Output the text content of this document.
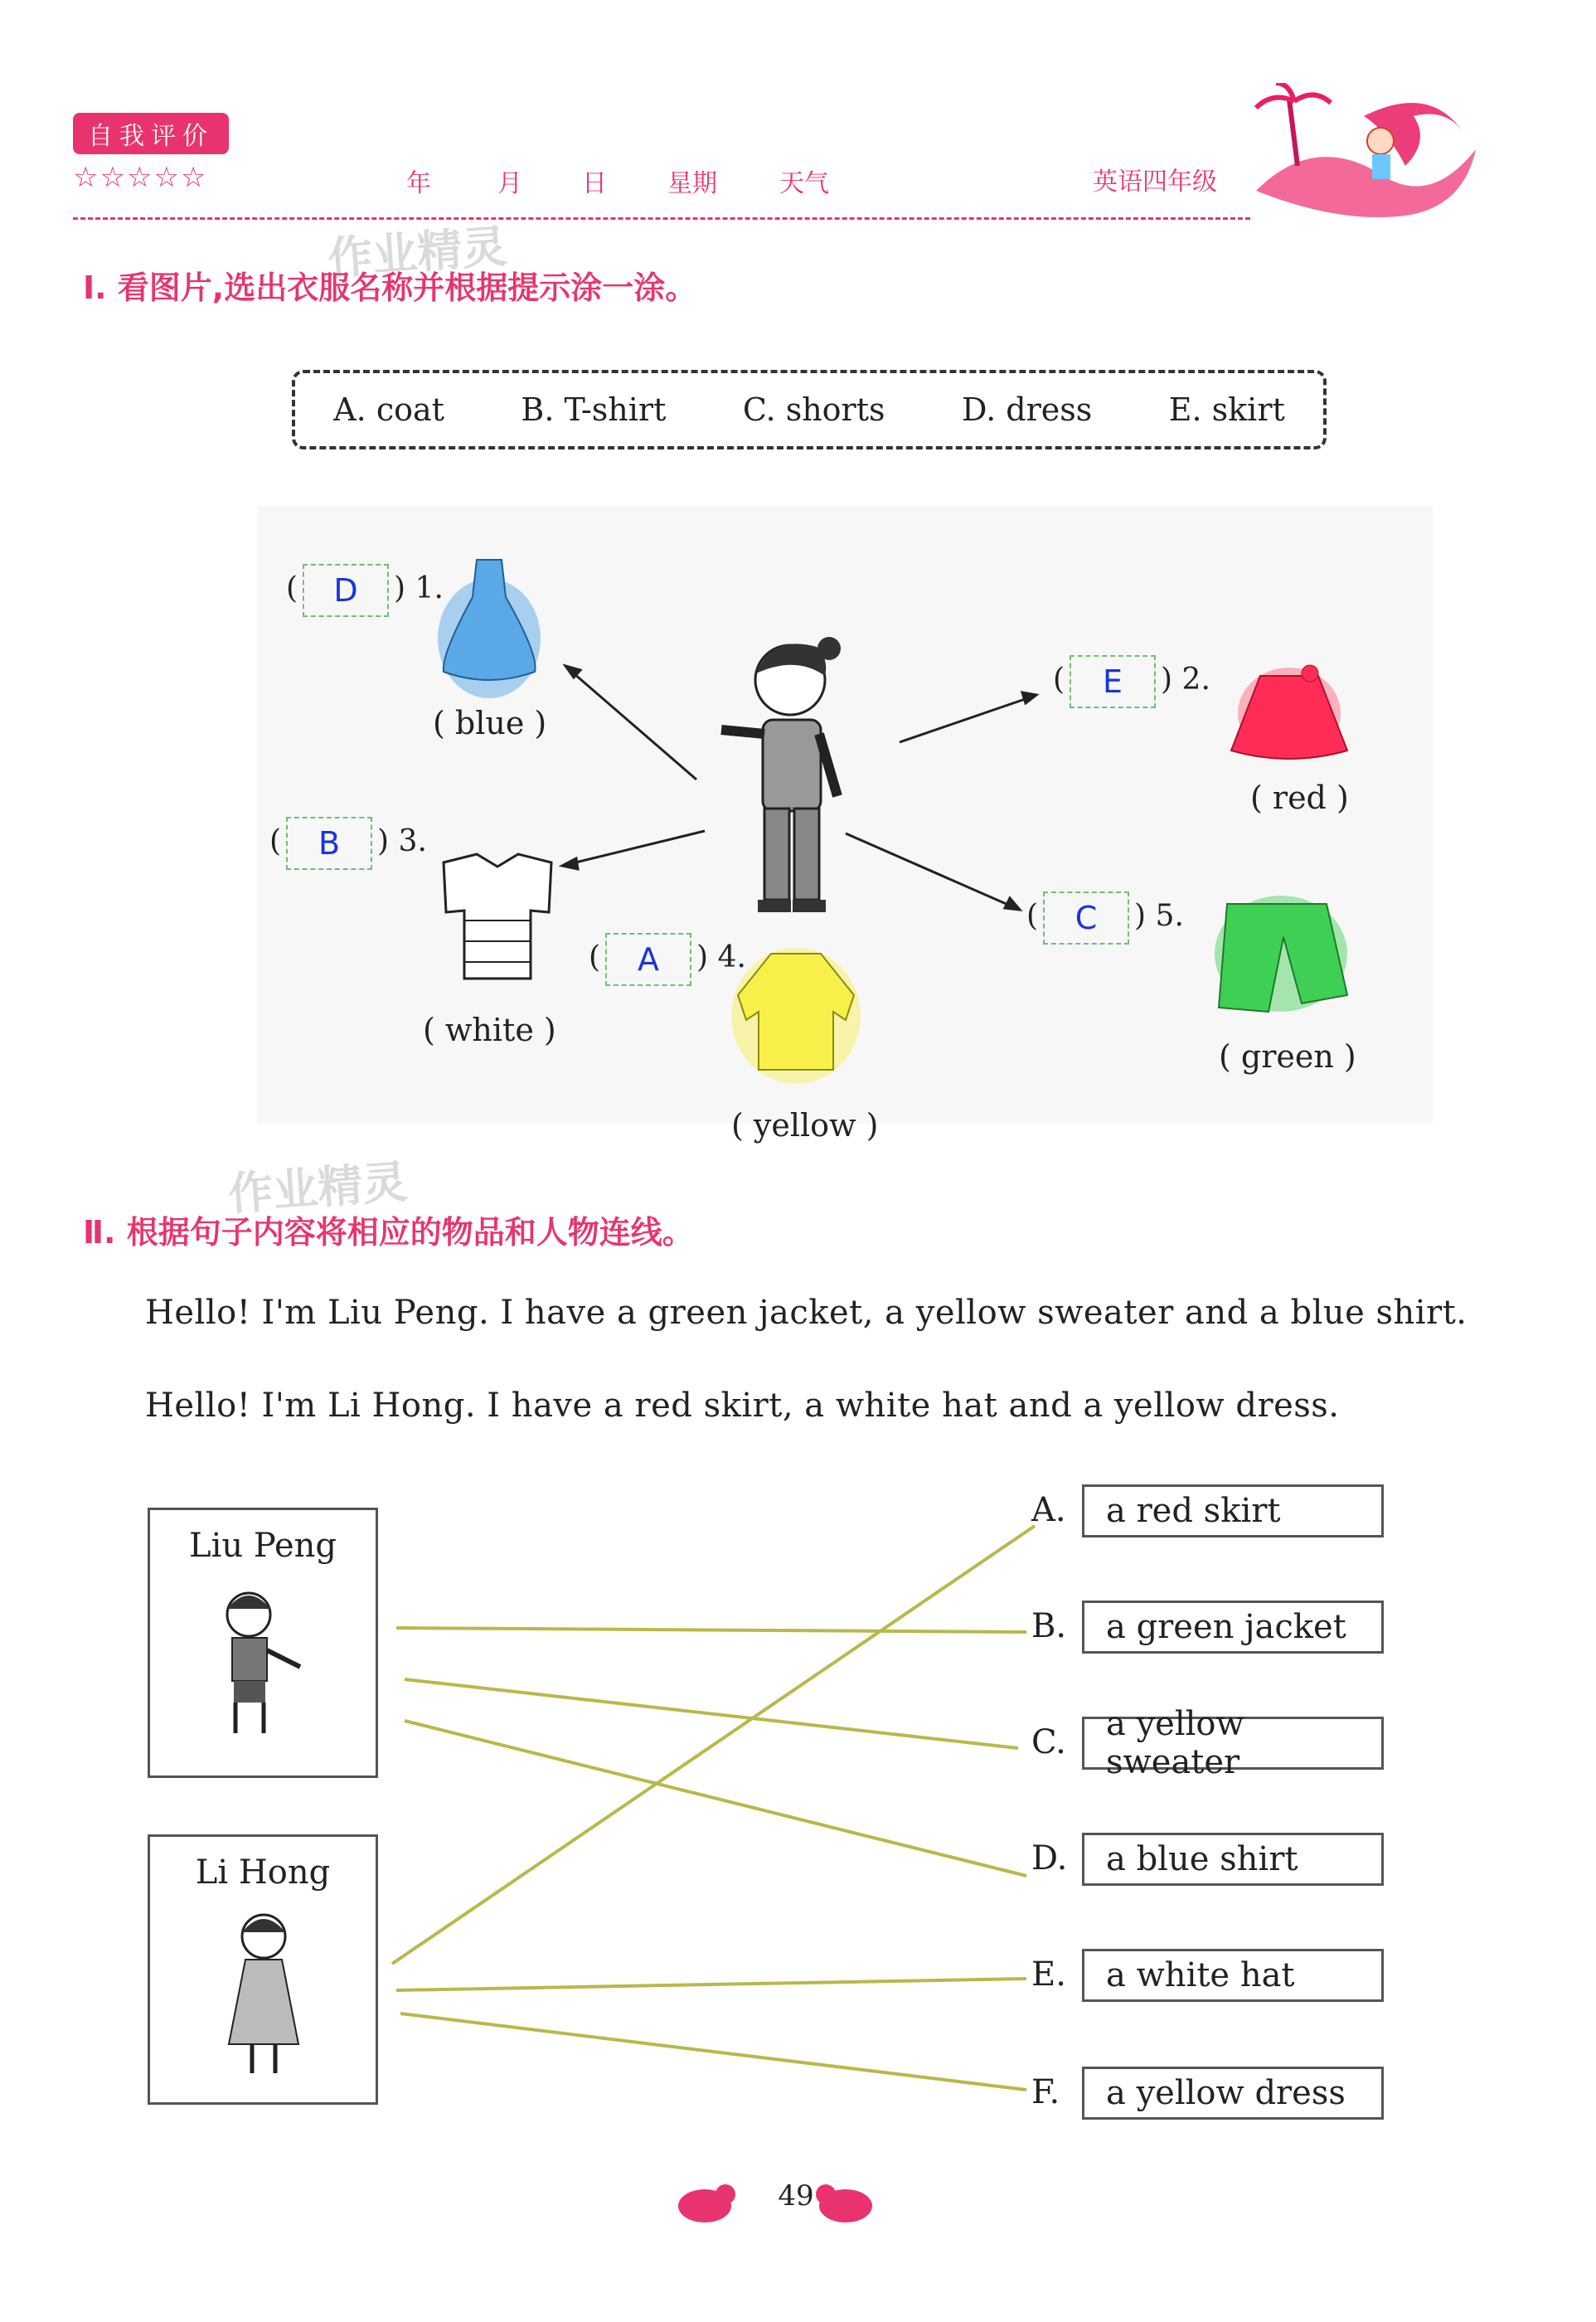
自我评价
☆☆☆☆☆	年	月 日 星期	天气	英语四年级
作业精灵
作业精灵
Ⅰ. 看图片,选出衣服名称并根据提示涂一涂。
A. coat B. T-shirt C. shorts D. dress E. skirt
( D ) 1.
( blue )
( E ) 2.
( red )
( B ) 3.
( white )
( A ) 4.
( yellow )
( C ) 5.
( green )
Ⅱ. 根据句子内容将相应的物品和人物连线。
Hello! I'm Liu Peng. I have a green jacket, a yellow sweater and a blue shirt.
Hello! I'm Li Hong. I have a red skirt, a white hat and a yellow dress.
Liu Peng
Li Hong
A.	a red skirt
B.	a green jacket
C.	a yellow sweater
D.	a blue shirt
E.	a white hat
F.	a yellow dress
49
